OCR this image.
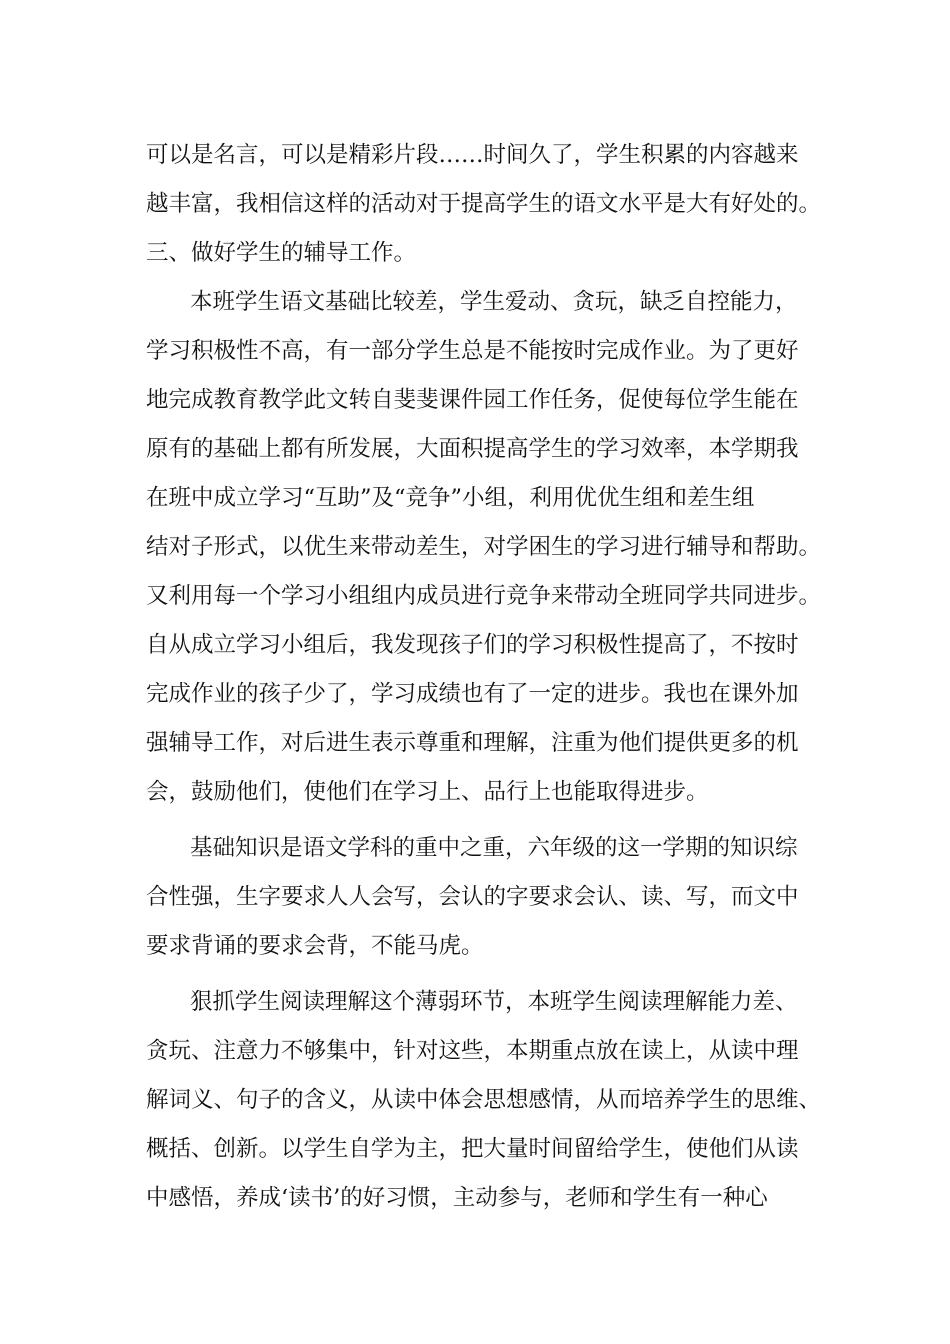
可以是名言，可以是精彩片段……时间久了，学生积累的内容越来
越丰富，我相信这样的活动对于提高学生的语文水平是大有好处的。
三、做好学生的辅导工作。
本班学生语文基础比较差，学生爱动、贪玩，缺乏自控能力，
学习积极性不高，有一部分学生总是不能按时完成作业。为了更好
地完成教育教学此文转自斐斐课件园工作任务，促使每位学生能在
原有的基础上都有所发展，大面积提高学生的学习效率，本学期我
在班中成立学习“互助”及“竞争”小组，利用优优生组和差生组
结对子形式，以优生来带动差生，对学困生的学习进行辅导和帮助。
又利用每一个学习小组组内成员进行竞争来带动全班同学共同进步。
自从成立学习小组后，我发现孩子们的学习积极性提高了，不按时
完成作业的孩子少了，学习成绩也有了一定的进步。我也在课外加
强辅导工作，对后进生表示尊重和理解，注重为他们提供更多的机
会，鼓励他们，使他们在学习上、品行上也能取得进步。
基础知识是语文学科的重中之重，六年级的这一学期的知识综
合性强，生字要求人人会写，会认的字要求会认、读、写，而文中
要求背诵的要求会背，不能马虎。
狠抓学生阅读理解这个薄弱环节，本班学生阅读理解能力差、
贪玩、注意力不够集中，针对这些，本期重点放在读上，从读中理
解词义、句子的含义，从读中体会思想感情，从而培养学生的思维、
概括、创新。以学生自学为主，把大量时间留给学生，使他们从读
中感悟，养成‘读书’的好习惯，主动参与，老师和学生有一种心
